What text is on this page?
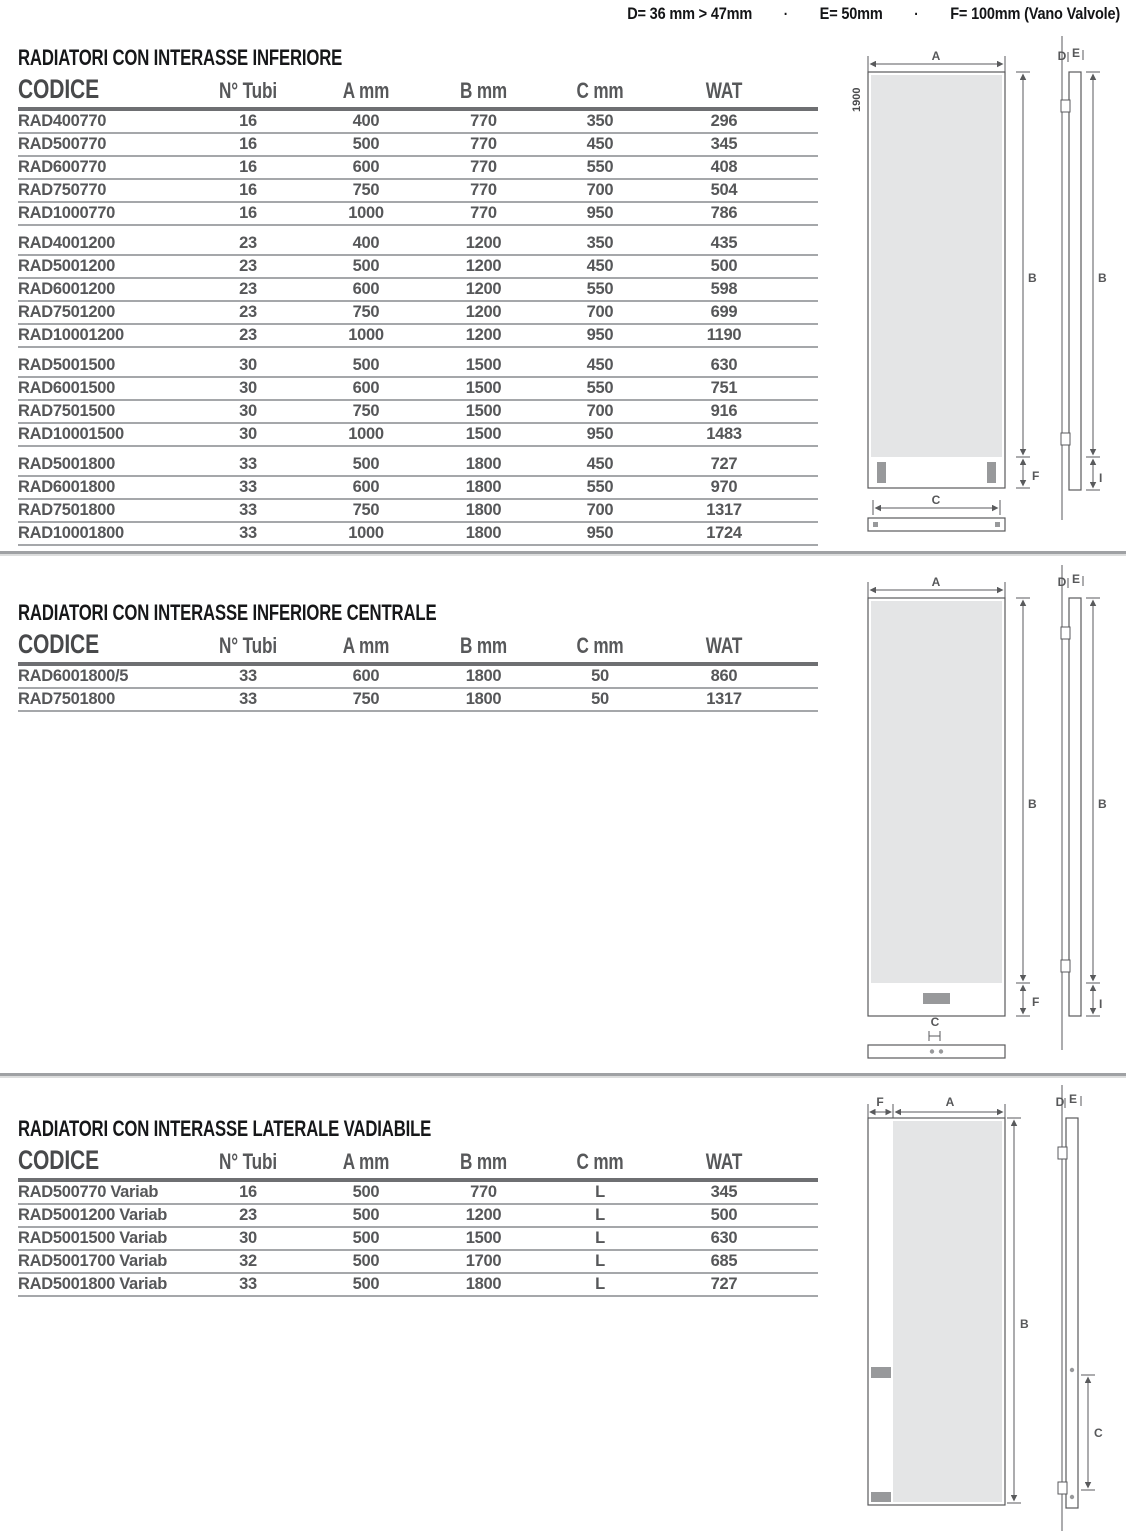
D= 36 mm > 47mm · E= 50mm · F= 100mm (Vano Valvole)
RADIATORI CON INTERASSE INFERIORE
CODICE	N° Tubi	A mm	B mm	C mm	WAT
RAD400770	16	400	770	350	296
RAD500770	16	500	770	450	345
RAD600770	16	600	770	550	408
RAD750770	16	750	770	700	504
RAD1000770	16	1000	770	950	786
RAD4001200	23	400	1200	350	435
RAD5001200	23	500	1200	450	500
RAD6001200	23	600	1200	550	598
RAD7501200	23	750	1200	700	699
RAD10001200	23	1000	1200	950	1190
RAD5001500	30	500	1500	450	630
RAD6001500	30	600	1500	550	751
RAD7501500	30	750	1500	700	916
RAD10001500	30	1000	1500	950	1483
RAD5001800	33	500	1800	450	727
RAD6001800	33	600	1800	550	970
RAD7501800	33	750	1800	700	1317
RAD10001800	33	1000	1800	950	1724
RADIATORI CON INTERASSE INFERIORE CENTRALE
CODICE	N° Tubi	A mm	B mm	C mm	WAT
RAD6001800/5	33	600	1800	50	860
RAD7501800	33	750	1800	50	1317
RADIATORI CON INTERASSE LATERALE VADIABILE
CODICE	N° Tubi	A mm	B mm	C mm	WAT
RAD500770 Variab	16	500	770	L	345
RAD5001200 Variab	23	500	1200	L	500
RAD5001500 Variab	30	500	1500	L	630
RAD5001700 Variab	32	500	1700	L	685
RAD5001800 Variab	33	500	1800	L	727
A
1900
B
F
C
D E
B
I
A
B
F
C
D E
B
I
F	A
B
D E
C
